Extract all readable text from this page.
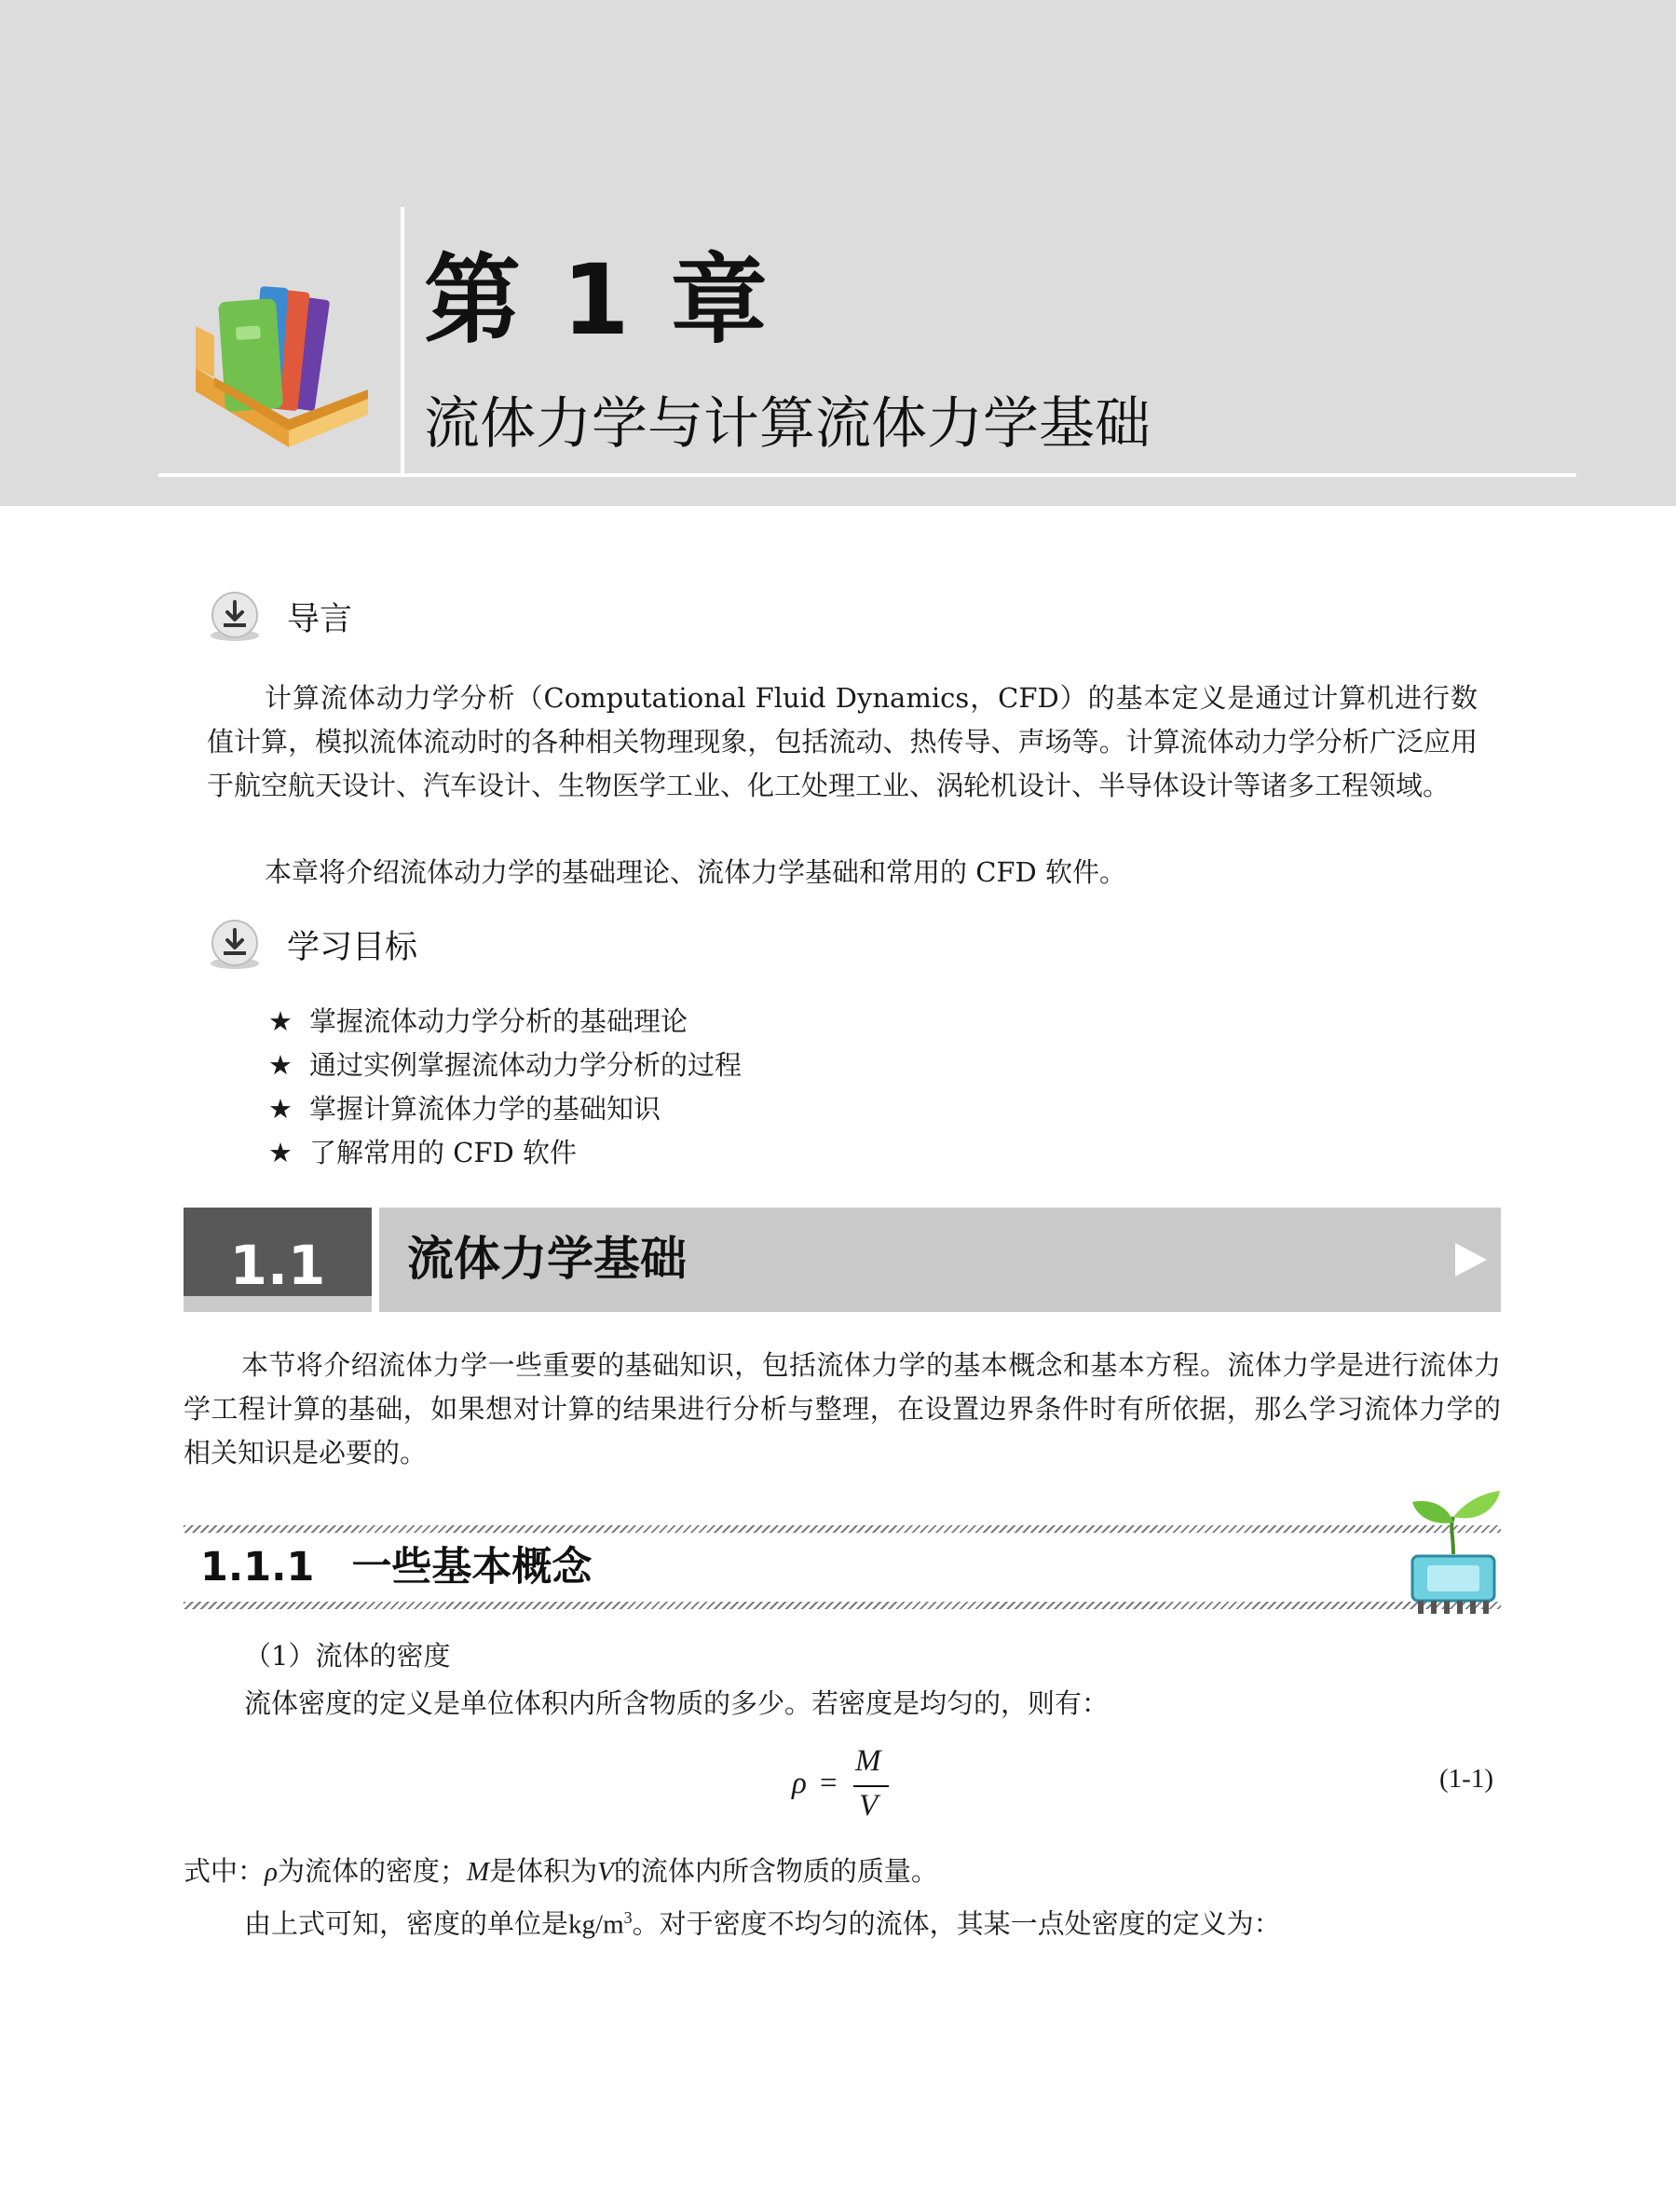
第 1 章
流体力学与计算流体力学基础
导言

计算流体动力学分析（Computational Fluid Dynamics，CFD）的基本定义是通过计算机进行数值计算，模拟流体流动时的各种相关物理现象，包括流动、热传导、声场等。计算流体动力学分析广泛应用于航空航天设计、汽车设计、生物医学工业、化工处理工业、涡轮机设计、半导体设计等诸多工程领域。

本章将介绍流体动力学的基础理论、流体力学基础和常用的 CFD 软件。

学习目标
★ 掌握流体动力学分析的基础理论
★ 通过实例掌握流体动力学分析的过程
★ 掌握计算流体力学的基础知识
★ 了解常用的 CFD 软件
1.1	流体力学基础

本节将介绍流体力学一些重要的基础知识，包括流体力学的基本概念和基本方程。流体力学是进行流体力学工程计算的基础，如果想对计算的结果进行分析与整理，在设置边界条件时有所依据，那么学习流体力学的相关知识是必要的。

1.1.1 一些基本概念

（1）流体的密度

流体密度的定义是单位体积内所含物质的多少。若密度是均匀的，则有：

ρ =
M
V
(1-1)

式中：ρ为流体的密度；M是体积为V的流体内所含物质的质量。

由上式可知，密度的单位是$kg/m^3$。对于密度不均匀的流体，其某一点处密度的定义为：
